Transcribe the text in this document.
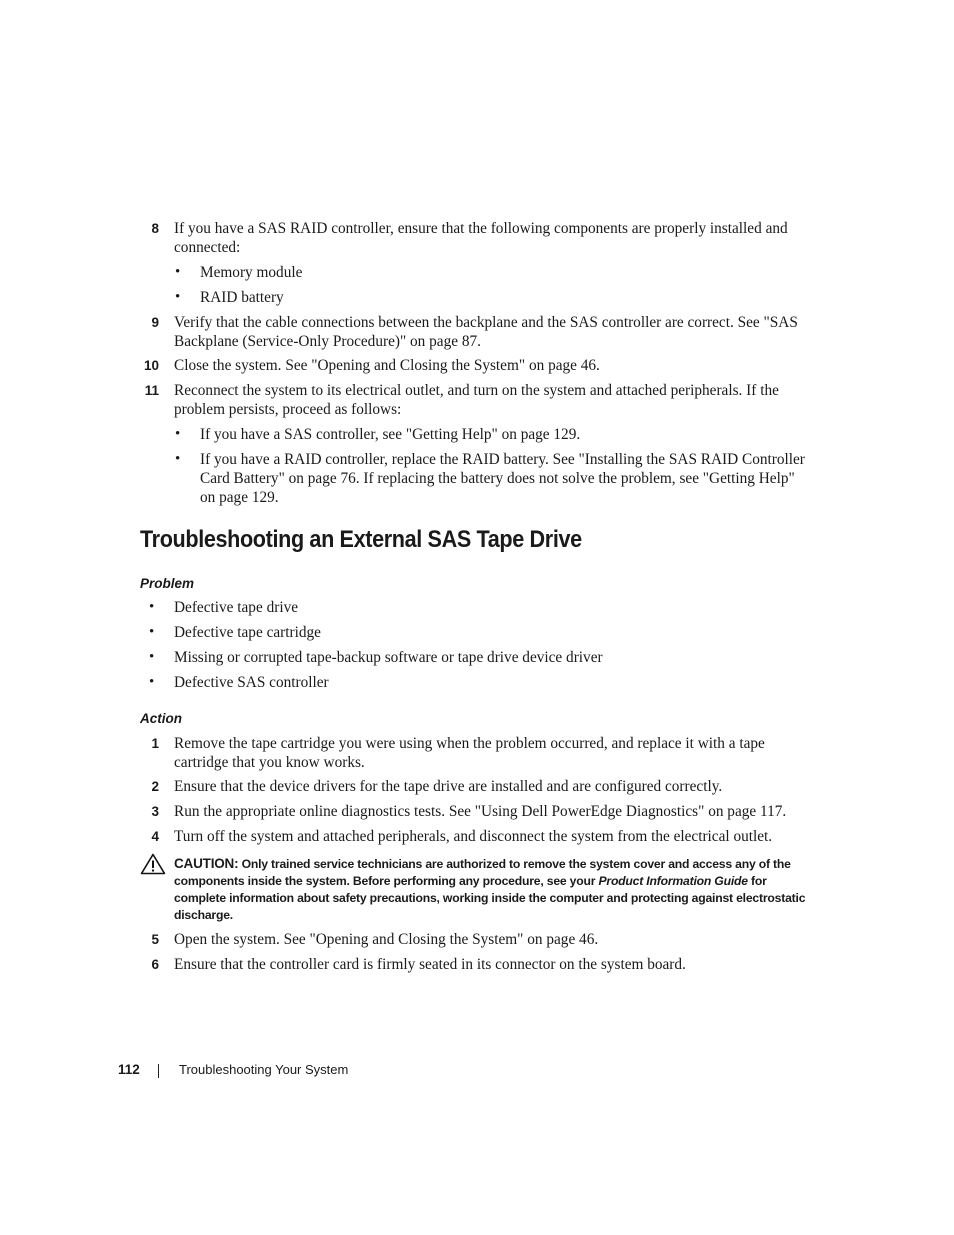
8 If you have a SAS RAID controller, ensure that the following components are properly installed and connected:
• Memory module
• RAID battery
9 Verify that the cable connections between the backplane and the SAS controller are correct. See "SAS Backplane (Service-Only Procedure)" on page 87.
10 Close the system. See "Opening and Closing the System" on page 46.
11 Reconnect the system to its electrical outlet, and turn on the system and attached peripherals. If the problem persists, proceed as follows:
• If you have a SAS controller, see "Getting Help" on page 129.
• If you have a RAID controller, replace the RAID battery. See "Installing the SAS RAID Controller Card Battery" on page 76. If replacing the battery does not solve the problem, see "Getting Help" on page 129.
Troubleshooting an External SAS Tape Drive
Problem
• Defective tape drive
• Defective tape cartridge
• Missing or corrupted tape-backup software or tape drive device driver
• Defective SAS controller
Action
1 Remove the tape cartridge you were using when the problem occurred, and replace it with a tape cartridge that you know works.
2 Ensure that the device drivers for the tape drive are installed and are configured correctly.
3 Run the appropriate online diagnostics tests. See "Using Dell PowerEdge Diagnostics" on page 117.
4 Turn off the system and attached peripherals, and disconnect the system from the electrical outlet.
CAUTION: Only trained service technicians are authorized to remove the system cover and access any of the components inside the system. Before performing any procedure, see your Product Information Guide for complete information about safety precautions, working inside the computer and protecting against electrostatic discharge.
5 Open the system. See "Opening and Closing the System" on page 46.
6 Ensure that the controller card is firmly seated in its connector on the system board.
112	Troubleshooting Your System
